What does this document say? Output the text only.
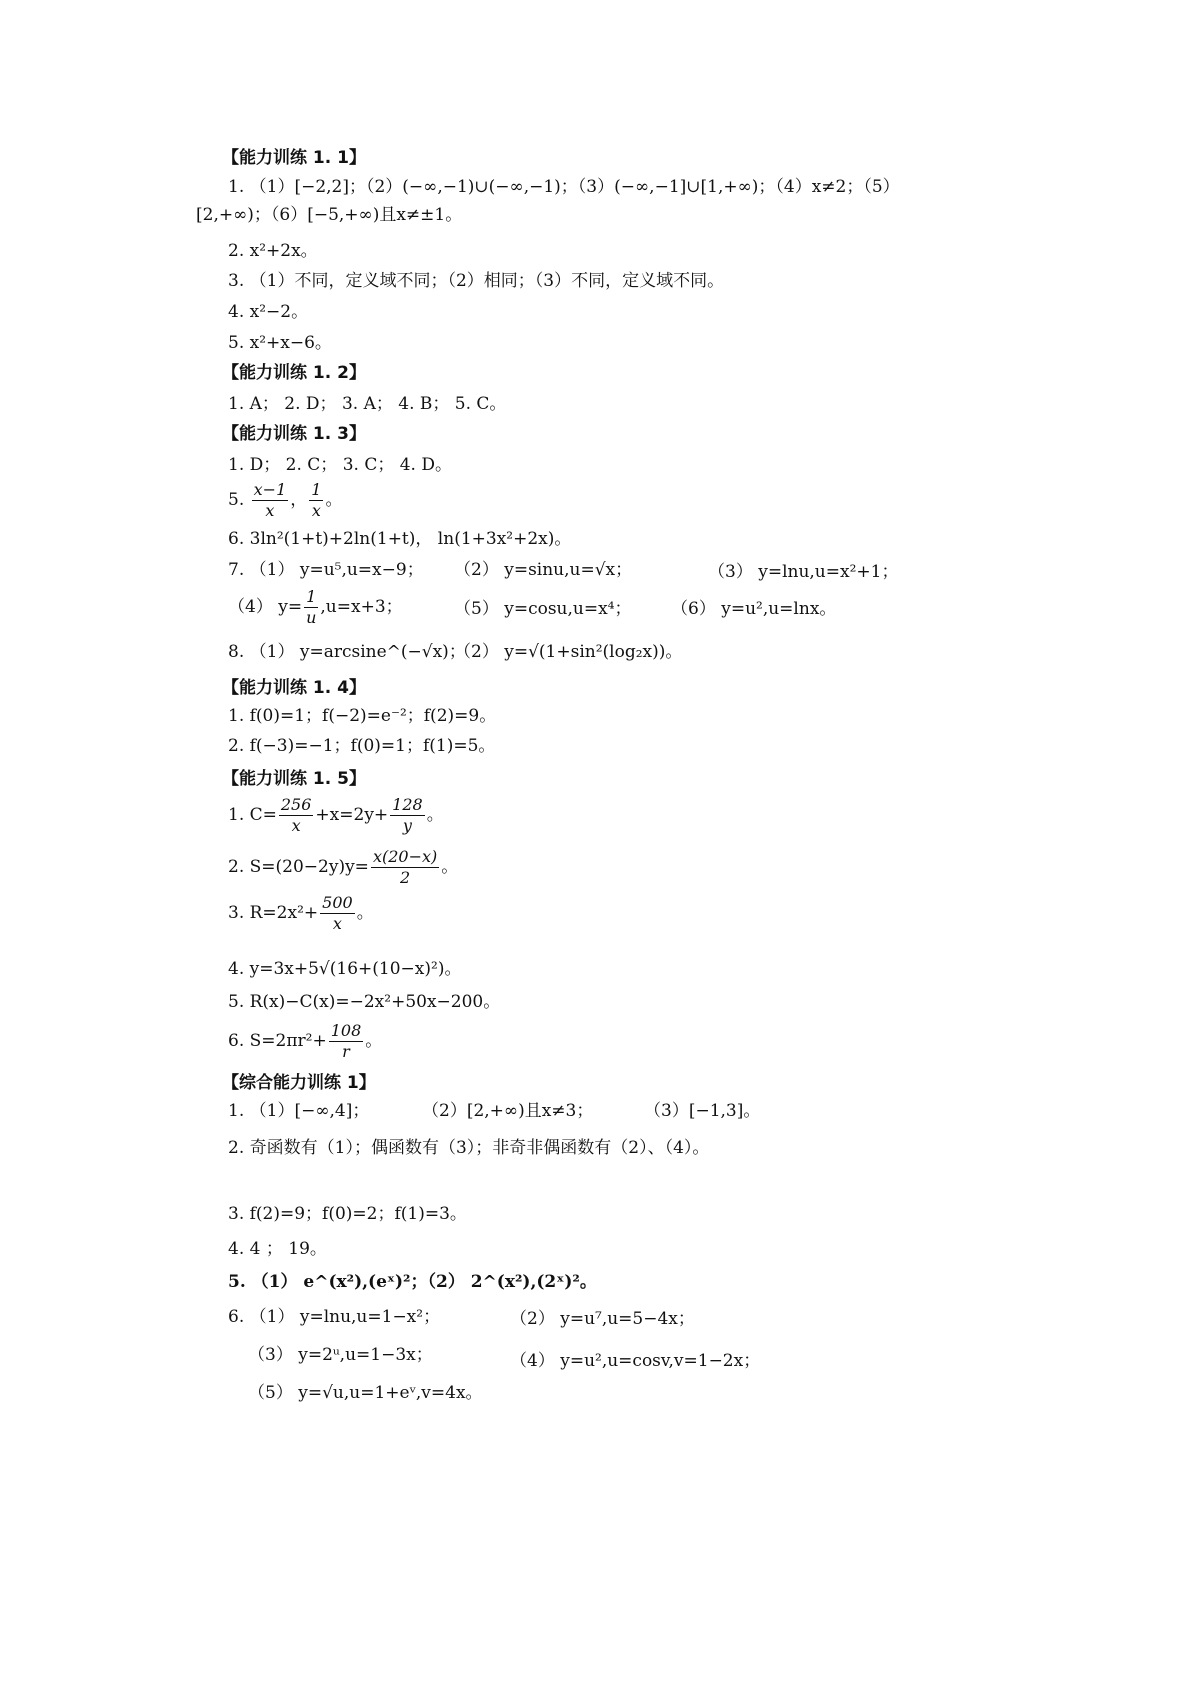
【能力训练 1. 1】
1. （1）[−2,2]；（2）(−∞,−1)∪(−∞,−1)；（3）(−∞,−1]∪[1,+∞)；（4）x≠2；（5）
[2,+∞)；（6）[−5,+∞)且x≠±1。
2. x²+2x。
3. （1）不同，定义域不同；（2）相同；（3）不同，定义域不同。
4. x²−2。
5. x²+x−6。
【能力训练 1. 2】
1. A； 2. D； 3. A； 4. B； 5. C。
【能力训练 1. 3】
1. D； 2. C； 3. C； 4. D。
5. $\frac{x-1}{x}$ ， $\frac{1}{x}$ 。
6. 3ln²(1+t)+2ln(1+t)， ln(1+3x²+2x)。
7. （1） y=u⁵,u=x−9； （2） y=sinu,u=√x；	（3） y=lnu,u=x²+1；
（4） $y= \frac{1}{u} ,u=x+3$；	（5） y=cosu,u=x⁴； （6） y=u²,u=lnx。
8. （1） y=arcsine^(−√x)；
（2） y=√(1+sin²(log₂x))。
【能力训练 1. 4】
1. f(0)=1；f(−2)=e⁻²；f(2)=9。
2. f(−3)=−1；f(0)=1；f(1)=5。
【能力训练 1. 5】
1. $C= \frac{256}{x} +x=2y+ \frac{128}{y}$ 。
2. $S=(20-2y)y= \frac{x(20-x)}{2}$ 。
3. $R=2x^2+ \frac{500}{x}$ 。
4. y=3x+5√(16+(10−x)²)。
5. R(x)−C(x)=−2x²+50x−200。
6. $S=2\pi r^2+ \frac{108}{r}$ 。
【综合能力训练 1】
1. （1）[−∞,4]；	（2）[2,+∞)且x≠3；	（3）[−1,3]。
2. 奇函数有（1）；偶函数有（3）；非奇非偶函数有（2）、（4）。
3. f(2)=9；f(0)=2；f(1)=3。
4. 4 ； 19。
5. （1） e^(x²),(eˣ)²；（2） 2^(x²),(2ˣ)²。
6. （1） y=lnu,u=1−x²；	（2） y=u⁷,u=5−4x；
（3） y=2ᵘ,u=1−3x；	（4） y=u²,u=cosv,v=1−2x；
（5） y=√u,u=1+eᵛ,v=4x。
